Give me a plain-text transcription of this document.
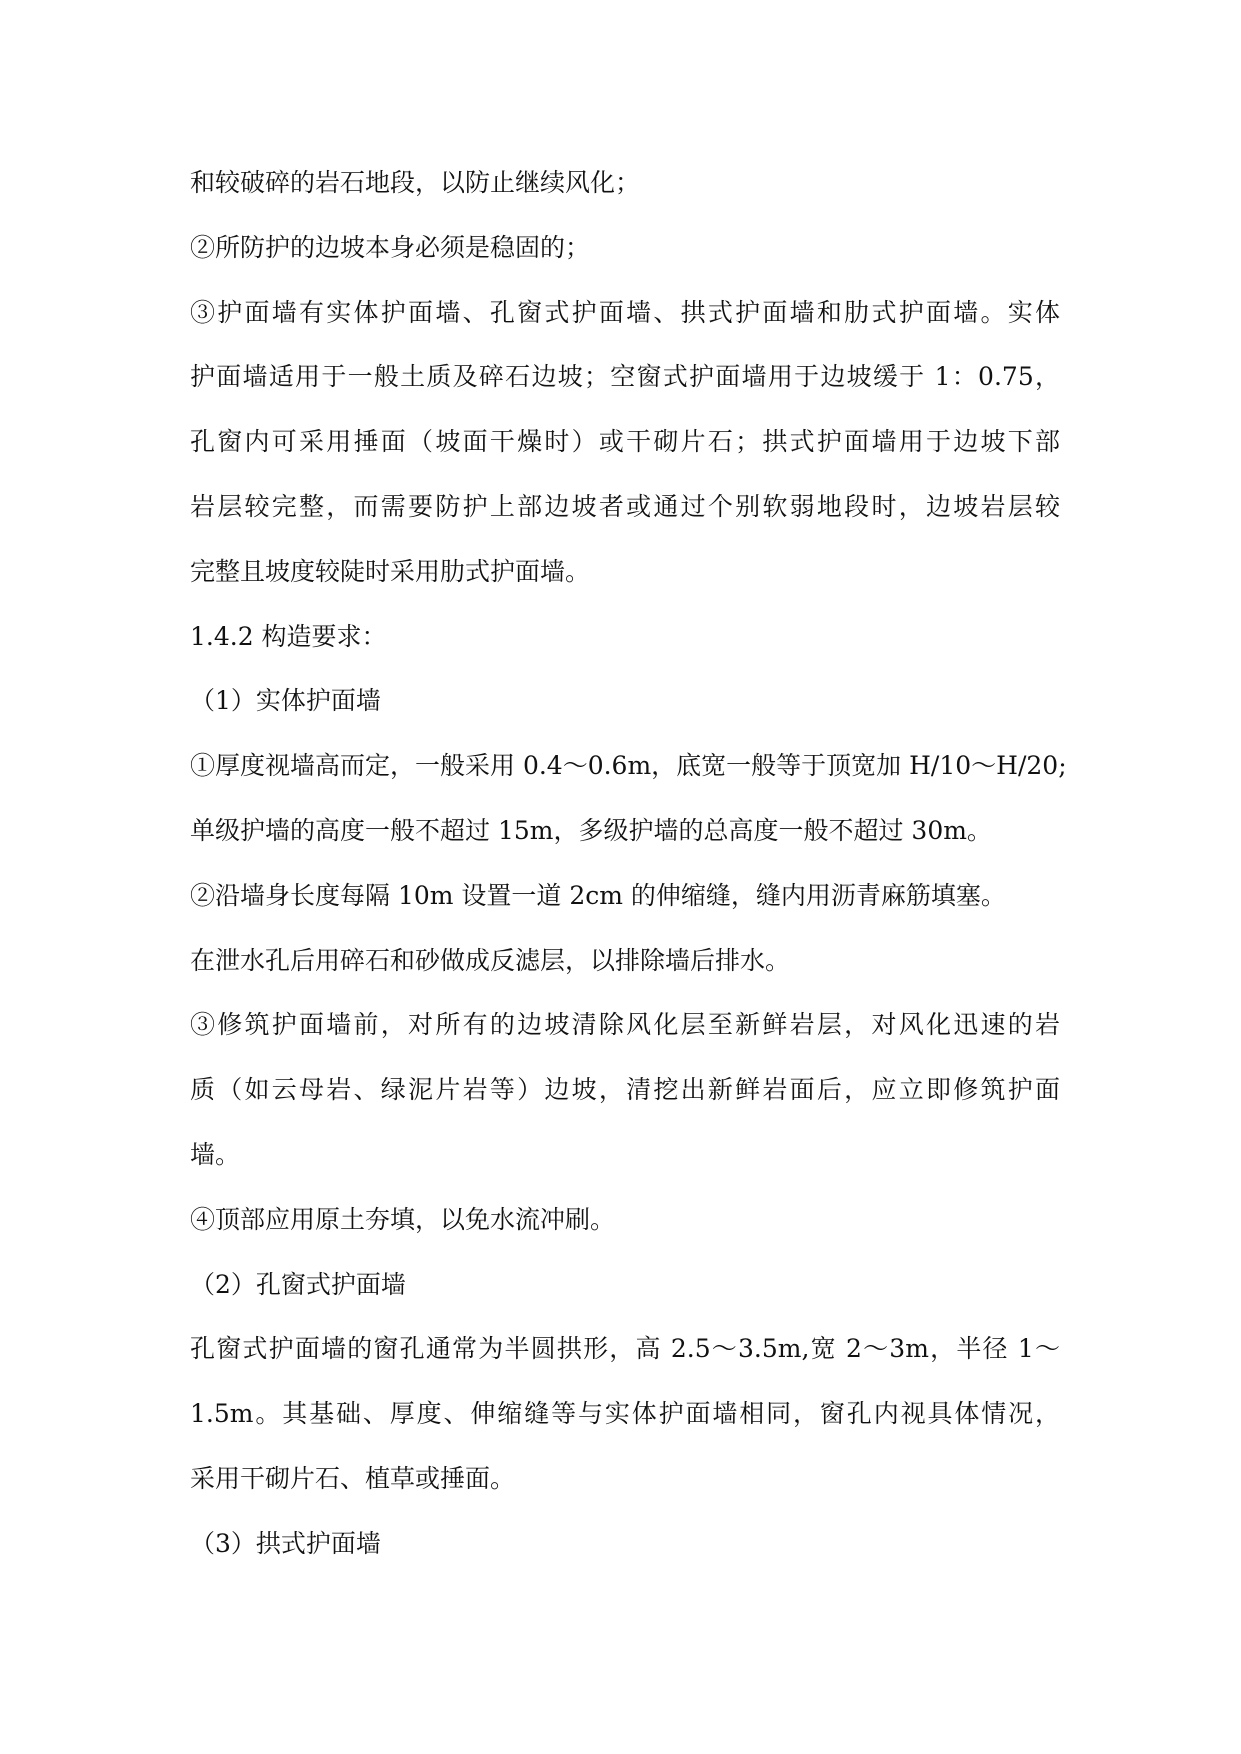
和较破碎的岩石地段，以防止继续风化；
②所防护的边坡本身必须是稳固的；
③护面墙有实体护面墙、孔窗式护面墙、拱式护面墙和肋式护面墙。实体
护面墙适用于一般土质及碎石边坡；空窗式护面墙用于边坡缓于 1：0.75，
孔窗内可采用捶面（坡面干燥时）或干砌片石；拱式护面墙用于边坡下部
岩层较完整，而需要防护上部边坡者或通过个别软弱地段时，边坡岩层较
完整且坡度较陡时采用肋式护面墙。
1.4.2 构造要求：
（1）实体护面墙
①厚度视墙高而定，一般采用 0.4～0.6m，底宽一般等于顶宽加 H/10～H/20;
单级护墙的高度一般不超过 15m，多级护墙的总高度一般不超过 30m。
②沿墙身长度每隔 10m 设置一道 2cm 的伸缩缝，缝内用沥青麻筋填塞。
在泄水孔后用碎石和砂做成反滤层，以排除墙后排水。
③修筑护面墙前，对所有的边坡清除风化层至新鲜岩层，对风化迅速的岩
质（如云母岩、绿泥片岩等）边坡，清挖出新鲜岩面后，应立即修筑护面
墙。
④顶部应用原土夯填，以免水流冲刷。
（2）孔窗式护面墙
孔窗式护面墙的窗孔通常为半圆拱形，高 2.5～3.5m,宽 2～3m，半径 1～
1.5m。其基础、厚度、伸缩缝等与实体护面墙相同，窗孔内视具体情况，
采用干砌片石、植草或捶面。
（3）拱式护面墙
